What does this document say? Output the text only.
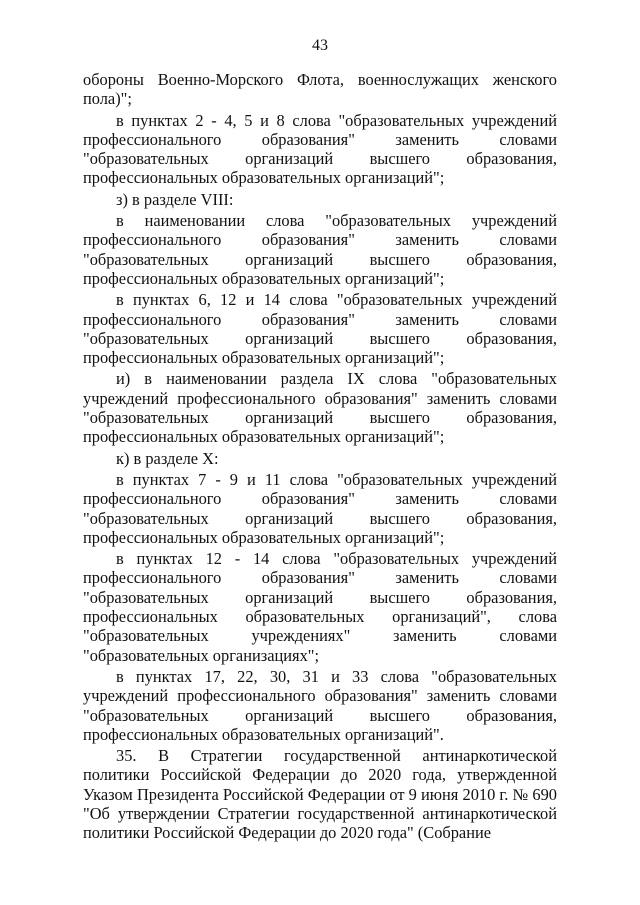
43

обороны Военно-Морского Флота, военнослужащих женского пола)";

в пунктах 2 - 4, 5 и 8 слова "образовательных учреждений профессионального образования" заменить словами "образовательных организаций высшего образования, профессиональных образовательных организаций";

з) в разделе VIII:

в наименовании слова "образовательных учреждений профессионального образования" заменить словами "образовательных организаций высшего образования, профессиональных образовательных организаций";

в пунктах 6, 12 и 14 слова "образовательных учреждений профессионального образования" заменить словами "образовательных организаций высшего образования, профессиональных образовательных организаций";

и) в наименовании раздела IX слова "образовательных учреждений профессионального образования" заменить словами "образовательных организаций высшего образования, профессиональных образовательных организаций";

к) в разделе X:

в пунктах 7 - 9 и 11 слова "образовательных учреждений профессионального образования" заменить словами "образовательных организаций высшего образования, профессиональных образовательных организаций";

в пунктах 12 - 14 слова "образовательных учреждений профессионального образования" заменить словами "образовательных организаций высшего образования, профессиональных образовательных организаций", слова "образовательных учреждениях" заменить словами "образовательных организациях";

в пунктах 17, 22, 30, 31 и 33 слова "образовательных учреждений профессионального образования" заменить словами "образовательных организаций высшего образования, профессиональных образовательных организаций".

35. В Стратегии государственной антинаркотической политики Российской Федерации до 2020 года, утвержденной Указом Президента Российской Федерации от 9 июня 2010 г. № 690 "Об утверждении Стратегии государственной антинаркотической политики Российской Федерации до 2020 года" (Собрание
